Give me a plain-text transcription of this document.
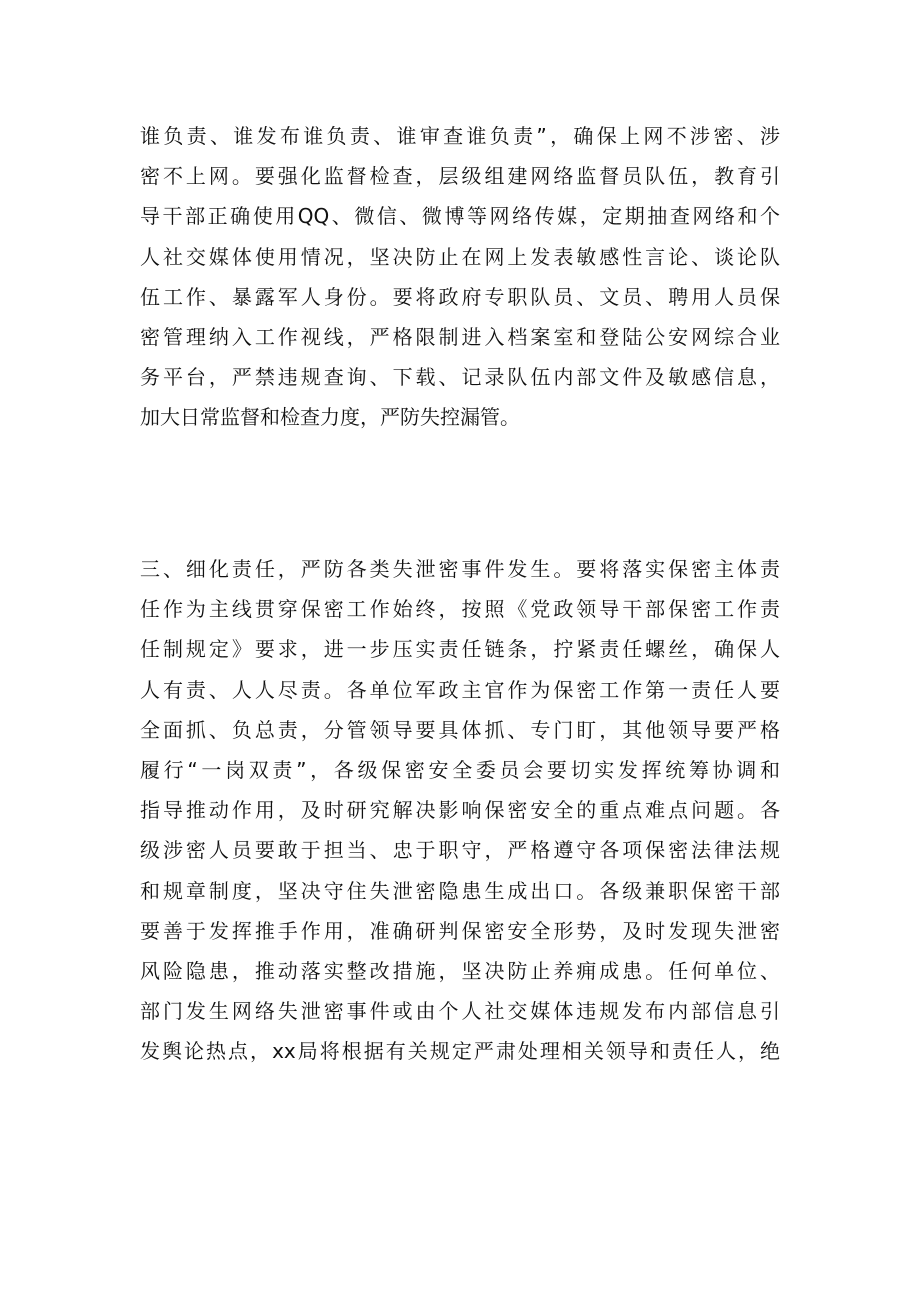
谁负责、谁发布谁负责、谁审查谁负责”，确保上网不涉密、涉
密不上网。要强化监督检查，层级组建网络监督员队伍，教育引
导干部正确使用QQ、微信、微博等网络传媒，定期抽查网络和个
人社交媒体使用情况，坚决防止在网上发表敏感性言论、谈论队
伍工作、暴露军人身份。要将政府专职队员、文员、聘用人员保
密管理纳入工作视线，严格限制进入档案室和登陆公安网综合业
务平台，严禁违规查询、下载、记录队伍内部文件及敏感信息，
加大日常监督和检查力度，严防失控漏管。
三、细化责任，严防各类失泄密事件发生。要将落实保密主体责
任作为主线贯穿保密工作始终，按照《党政领导干部保密工作责
任制规定》要求，进一步压实责任链条，拧紧责任螺丝，确保人
人有责、人人尽责。各单位军政主官作为保密工作第一责任人要
全面抓、负总责，分管领导要具体抓、专门盯，其他领导要严格
履行“一岗双责”，各级保密安全委员会要切实发挥统筹协调和
指导推动作用，及时研究解决影响保密安全的重点难点问题。各
级涉密人员要敢于担当、忠于职守，严格遵守各项保密法律法规
和规章制度，坚决守住失泄密隐患生成出口。各级兼职保密干部
要善于发挥推手作用，准确研判保密安全形势，及时发现失泄密
风险隐患，推动落实整改措施，坚决防止养痈成患。任何单位、
部门发生网络失泄密事件或由个人社交媒体违规发布内部信息引
发舆论热点，xx局将根据有关规定严肃处理相关领导和责任人，绝
